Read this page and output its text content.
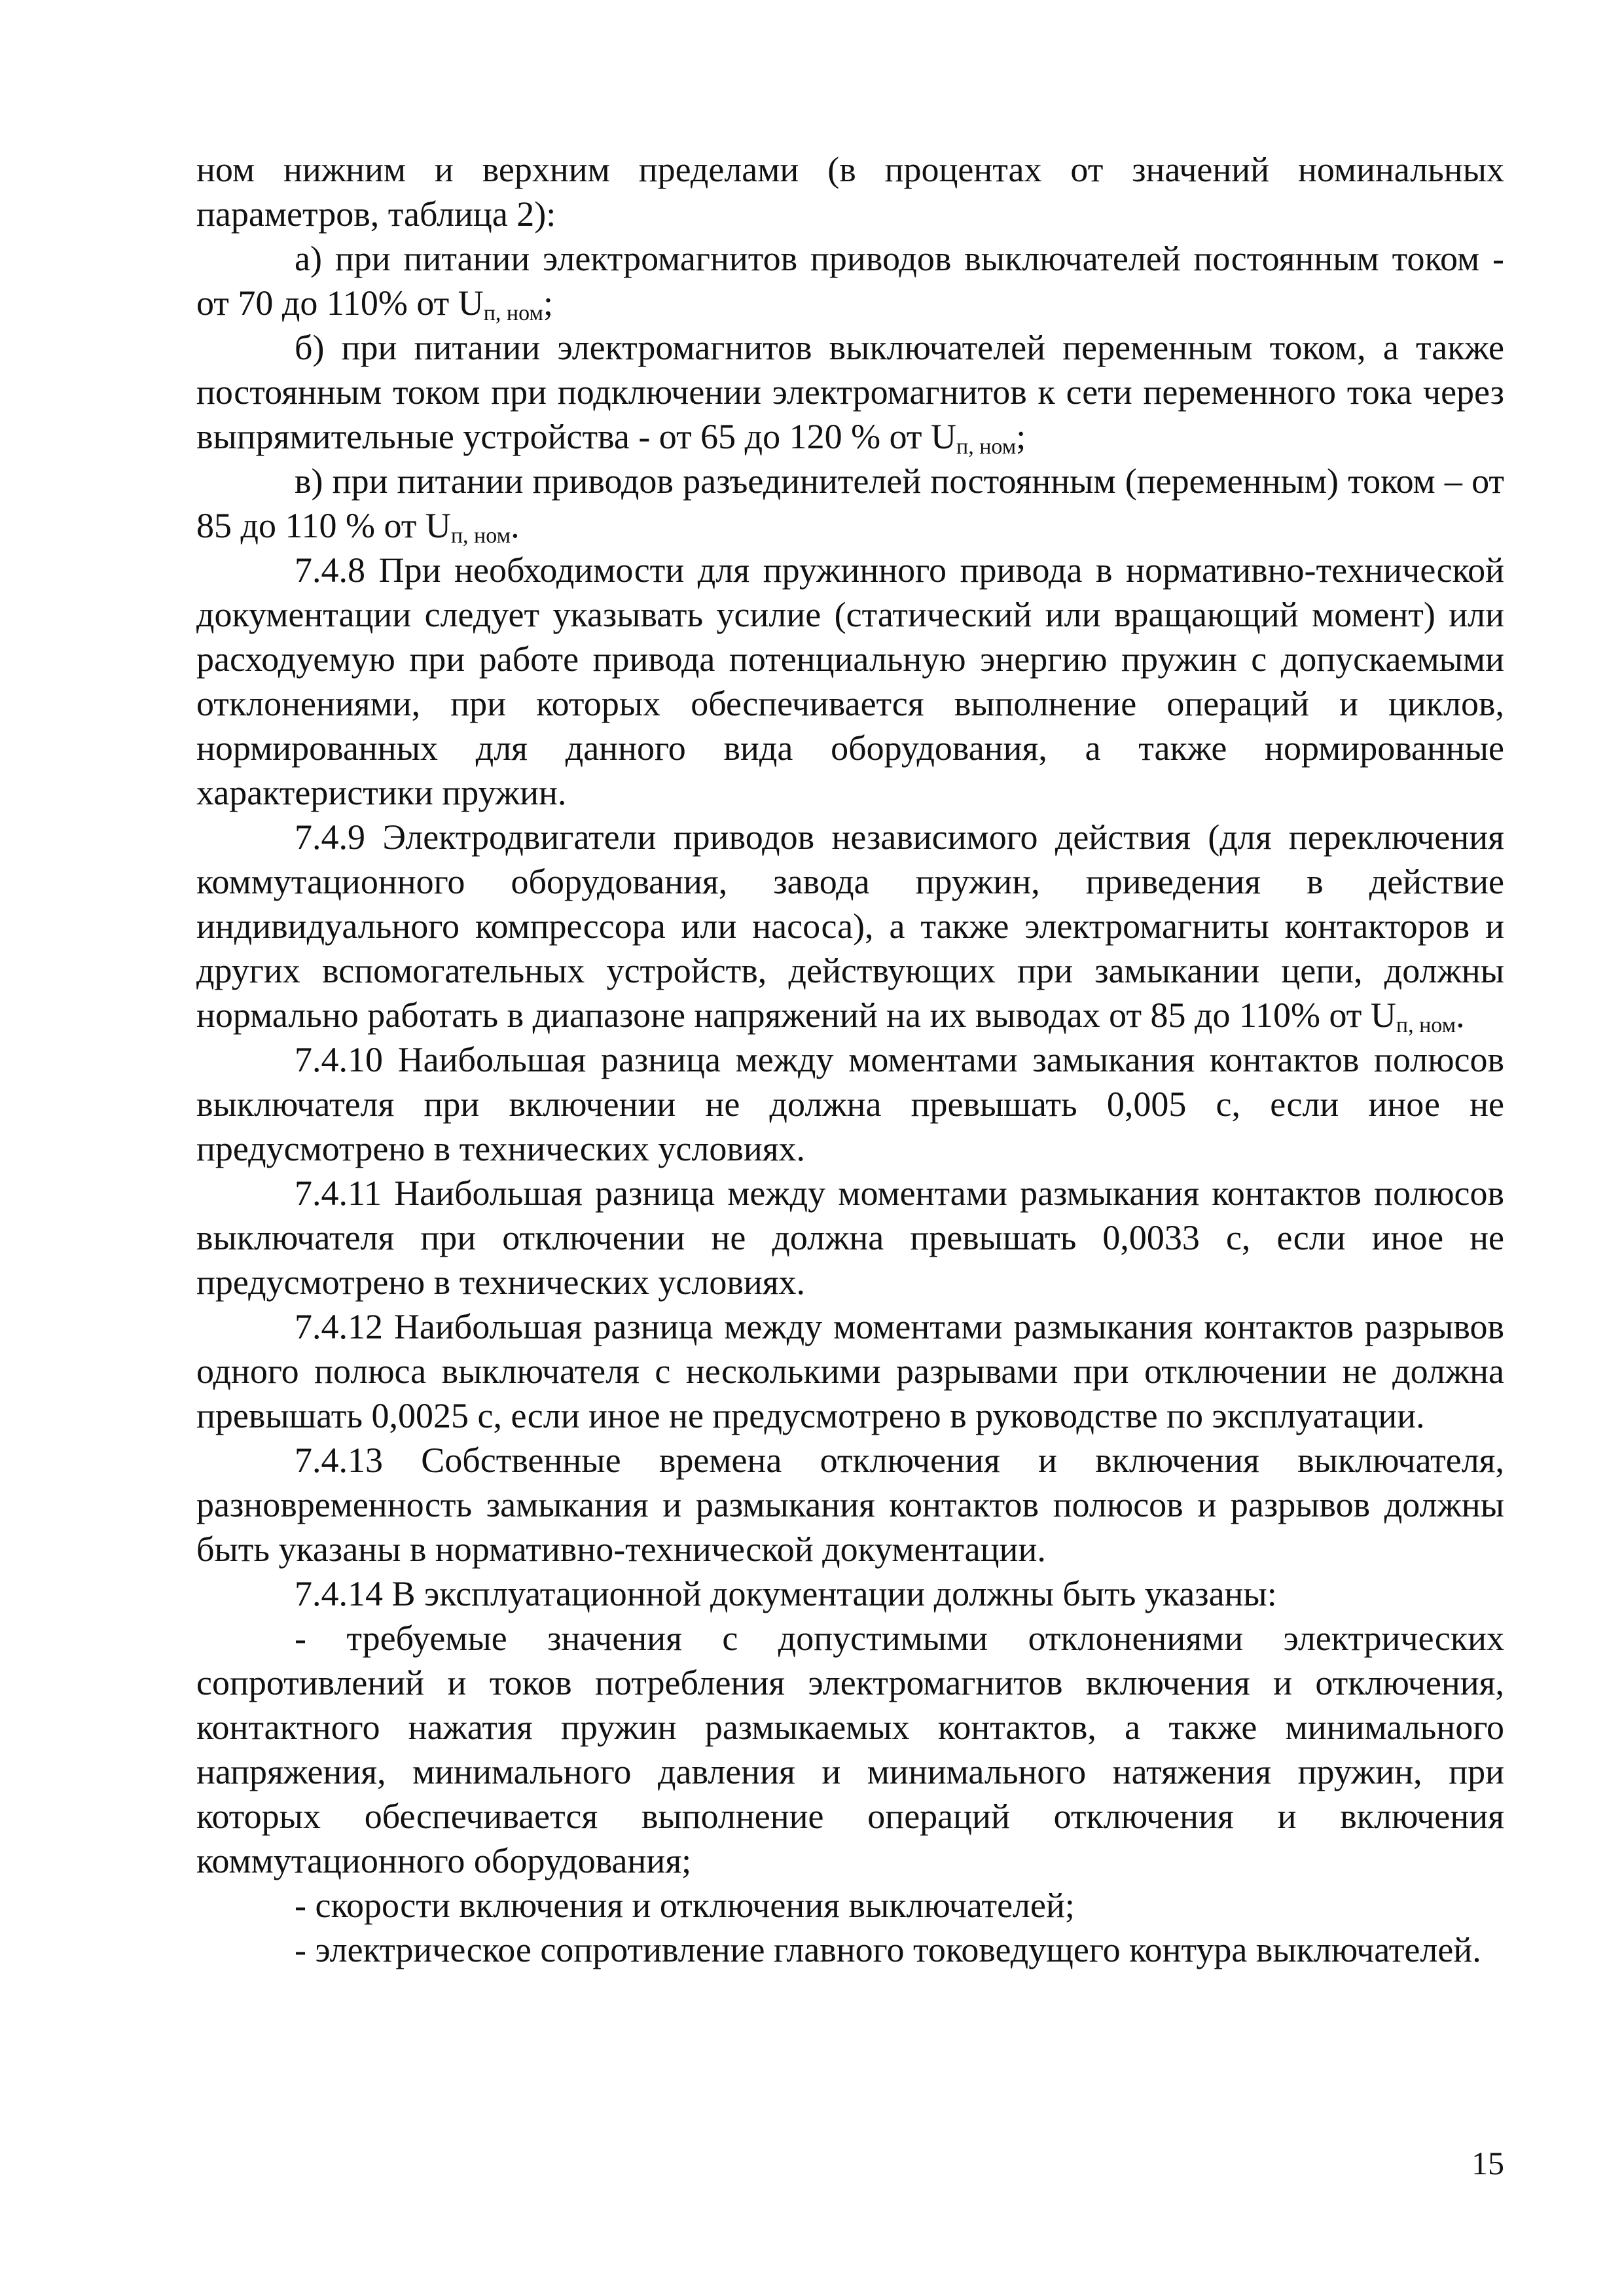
ном нижним и верхним пределами (в процентах от значений номинальных параметров, таблица 2):

а) при питании электромагнитов приводов выключателей постоянным током - от 70 до 110% от $U_{п, ном}$;

б) при питании электромагнитов выключателей переменным током, а также постоянным током при подключении электромагнитов к сети переменного тока через выпрямительные устройства - от 65 до 120 % от $U_{п, ном}$;

в) при питании приводов разъединителей постоянным (переменным) током – от 85 до 110 % от $U_{п, ном}$.

7.4.8 При необходимости для пружинного привода в нормативно-технической документации следует указывать усилие (статический или вращающий момент) или расходуемую при работе привода потенциальную энергию пружин с допускаемыми отклонениями, при которых обеспечивается выполнение операций и циклов, нормированных для данного вида оборудования, а также нормированные характеристики пружин.

7.4.9 Электродвигатели приводов независимого действия (для переключения коммутационного оборудования, завода пружин, приведения в действие индивидуального компрессора или насоса), а также электромагниты контакторов и других вспомогательных устройств, действующих при замыкании цепи, должны нормально работать в диапазоне напряжений на их выводах от 85 до 110% от $U_{п, ном}$.

7.4.10 Наибольшая разница между моментами замыкания контактов полюсов выключателя при включении не должна превышать 0,005 с, если иное не предусмотрено в технических условиях.

7.4.11 Наибольшая разница между моментами размыкания контактов полюсов выключателя при отключении не должна превышать 0,0033 с, если иное не предусмотрено в технических условиях.

7.4.12 Наибольшая разница между моментами размыкания контактов разрывов одного полюса выключателя с несколькими разрывами при отключении не должна превышать 0,0025 с, если иное не предусмотрено в руководстве по эксплуатации.

7.4.13 Собственные времена отключения и включения выключателя, разновременность замыкания и размыкания контактов полюсов и разрывов должны быть указаны в нормативно-технической документации.

7.4.14 В эксплуатационной документации должны быть указаны:

- требуемые значения с допустимыми отклонениями электрических сопротивлений и токов потребления электромагнитов включения и отключения, контактного нажатия пружин размыкаемых контактов, а также минимального напряжения, минимального давления и минимального натяжения пружин, при которых обеспечивается выполнение операций отключения и включения коммутационного оборудования;

- скорости включения и отключения выключателей;

- электрическое сопротивление главного токоведущего контура выключателей.

15
